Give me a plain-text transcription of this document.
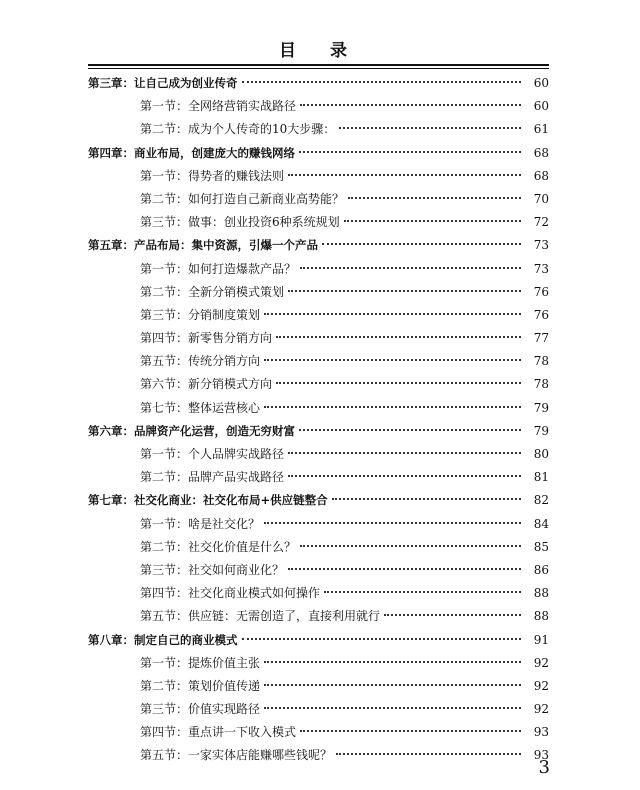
目 录
第三章： 让自己成为创业传奇	60
第一节： 全网络营销实战路径	60
第二节： 成为个人传奇的10大步骤：	61
第四章： 商业布局，创建庞大的赚钱网络	68
第一节： 得势者的赚钱法则	68
第二节： 如何打造自己新商业高势能？	70
第三节： 做事：创业投资6种系统规划	72
第五章： 产品布局：集中资源，引爆一个产品	73
第一节： 如何打造爆款产品？	73
第二节： 全新分销模式策划	76
第三节： 分销制度策划	76
第四节： 新零售分销方向	77
第五节： 传统分销方向	78
第六节： 新分销模式方向	78
第七节： 整体运营核心	79
第六章： 品牌资产化运营，创造无穷财富	79
第一节： 个人品牌实战路径	80
第二节： 品牌产品实战路径	81
第七章： 社交化商业：社交化布局+供应链整合	82
第一节： 啥是社交化？	84
第二节： 社交化价值是什么？	85
第三节： 社交如何商业化？	86
第四节： 社交化商业模式如何操作	88
第五节： 供应链：无需创造了，直接利用就行	88
第八章： 制定自己的商业模式	91
第一节： 提炼价值主张	92
第二节： 策划价值传递	92
第三节： 价值实现路径	92
第四节： 重点讲一下收入模式	93
第五节： 一家实体店能赚哪些钱呢？	93
3
